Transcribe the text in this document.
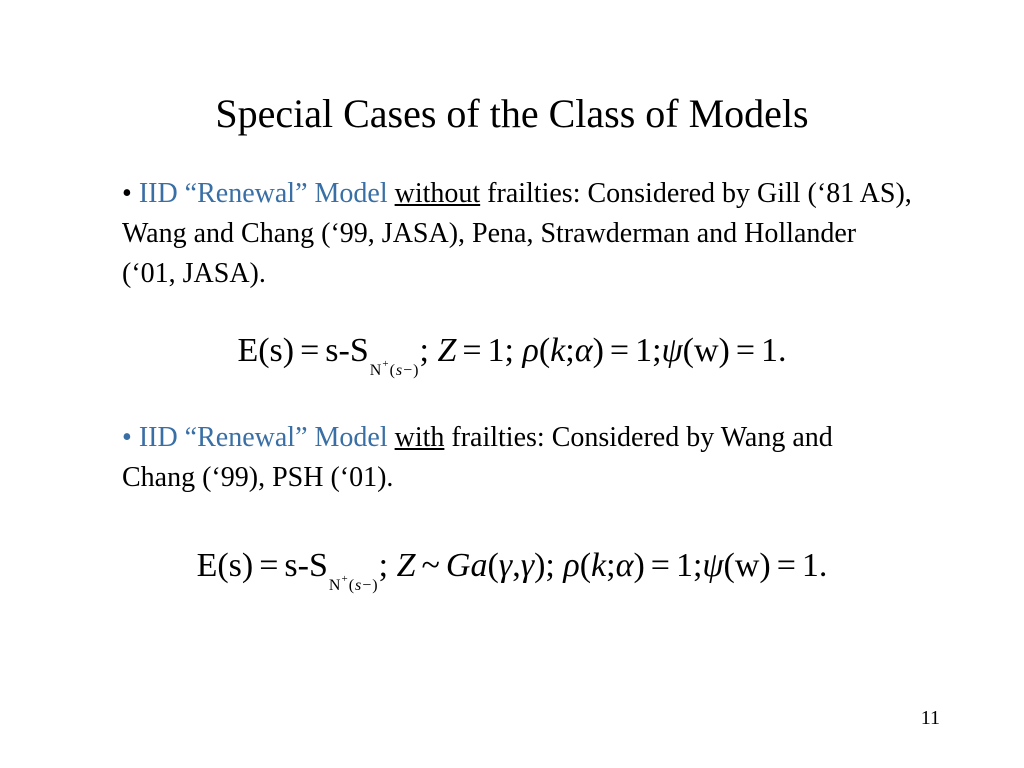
Special Cases of the Class of Models
• IID “Renewal” Model without frailties: Considered by Gill (‘81 AS), Wang and Chang (‘99, JASA), Pena, Strawderman and Hollander (‘01, JASA).
E(s) = s-SN+(s−); Z = 1; ρ(k;α) = 1;ψ(w) = 1.
• IID “Renewal” Model with frailties: Considered by Wang and Chang (‘99), PSH (‘01).
E(s) = s-SN+(s−); Z ~ Ga(γ,γ); ρ(k;α) = 1;ψ(w) = 1.
11
